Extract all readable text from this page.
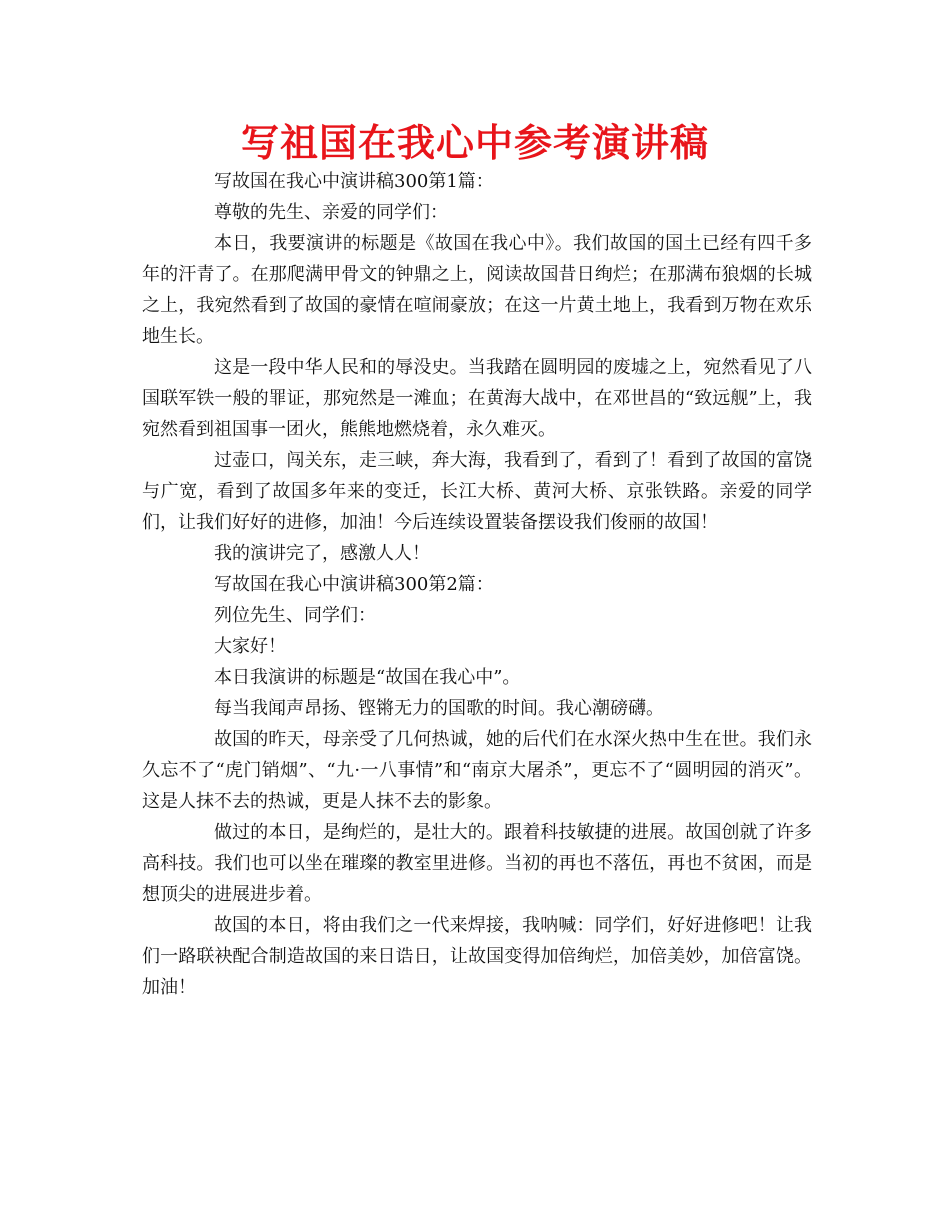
写祖国在我心中参考演讲稿

写故国在我心中演讲稿300第1篇：

尊敬的先生、亲爱的同学们：

本日，我要演讲的标题是《故国在我心中》。我们故国的国土已经有四千多年的汗青了。在那爬满甲骨文的钟鼎之上，阅读故国昔日绚烂；在那满布狼烟的长城之上，我宛然看到了故国的豪情在喧闹豪放；在这一片黄土地上，我看到万物在欢乐地生长。

这是一段中华人民和的辱没史。当我踏在圆明园的废墟之上，宛然看见了八国联军铁一般的罪证，那宛然是一滩血；在黄海大战中，在邓世昌的“致远舰”上，我宛然看到祖国事一团火，熊熊地燃烧着，永久难灭。

过壶口，闯关东，走三峡，奔大海，我看到了，看到了！看到了故国的富饶与广宽，看到了故国多年来的变迁，长江大桥、黄河大桥、京张铁路。亲爱的同学们，让我们好好的进修，加油！今后连续设置装备摆设我们俊丽的故国！

我的演讲完了，感激人人！

写故国在我心中演讲稿300第2篇：

列位先生、同学们：

大家好！

本日我演讲的标题是“故国在我心中”。

每当我闻声昂扬、铿锵无力的国歌的时间。我心潮磅礴。

故国的昨天，母亲受了几何热诚，她的后代们在水深火热中生在世。我们永久忘不了“虎门销烟”、“九·一八事情”和“南京大屠杀”，更忘不了“圆明园的消灭”。这是人抹不去的热诚，更是人抹不去的影象。

做过的本日，是绚烂的，是壮大的。跟着科技敏捷的进展。故国创就了许多高科技。我们也可以坐在璀璨的教室里进修。当初的再也不落伍，再也不贫困，而是想顶尖的进展进步着。

故国的本日，将由我们之一代来焊接，我呐喊：同学们，好好进修吧！让我们一路联袂配合制造故国的来日诰日，让故国变得加倍绚烂，加倍美妙，加倍富饶。加油！
